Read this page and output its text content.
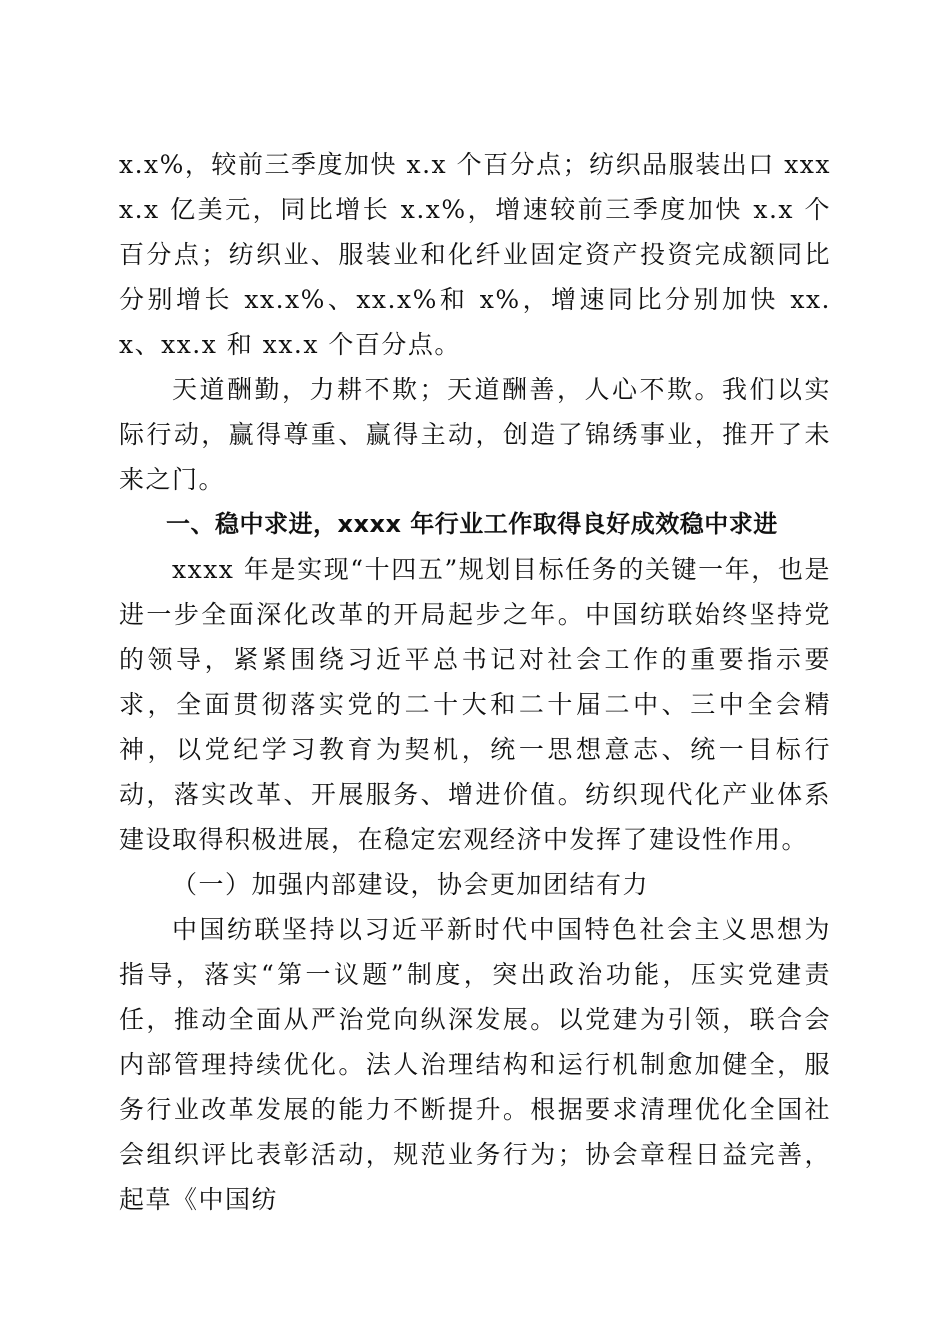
x.x%，较前三季度加快 x.x 个百分点；纺织品服装出口 xxxx.x 亿美元，同比增长 x.x%，增速较前三季度加快 x.x 个百分点；纺织业、服装业和化纤业固定资产投资完成额同比分别增长 xx.x%、xx.x%和 x%，增速同比分别加快 xx.x、xx.x 和 xx.x 个百分点。

天道酬勤，力耕不欺；天道酬善，人心不欺。我们以实际行动，赢得尊重、赢得主动，创造了锦绣事业，推开了未来之门。

一、稳中求进，xxxx 年行业工作取得良好成效稳中求进

xxxx 年是实现“十四五”规划目标任务的关键一年，也是进一步全面深化改革的开局起步之年。中国纺联始终坚持党的领导，紧紧围绕习近平总书记对社会工作的重要指示要求，全面贯彻落实党的二十大和二十届二中、三中全会精神，以党纪学习教育为契机，统一思想意志、统一目标行动，落实改革、开展服务、增进价值。纺织现代化产业体系建设取得积极进展，在稳定宏观经济中发挥了建设性作用。

（一）加强内部建设，协会更加团结有力

中国纺联坚持以习近平新时代中国特色社会主义思想为指导，落实“第一议题”制度，突出政治功能，压实党建责任，推动全面从严治党向纵深发展。以党建为引领，联合会内部管理持续优化。法人治理结构和运行机制愈加健全，服务行业改革发展的能力不断提升。根据要求清理优化全国社会组织评比表彰活动，规范业务行为；协会章程日益完善，起草《中国纺
